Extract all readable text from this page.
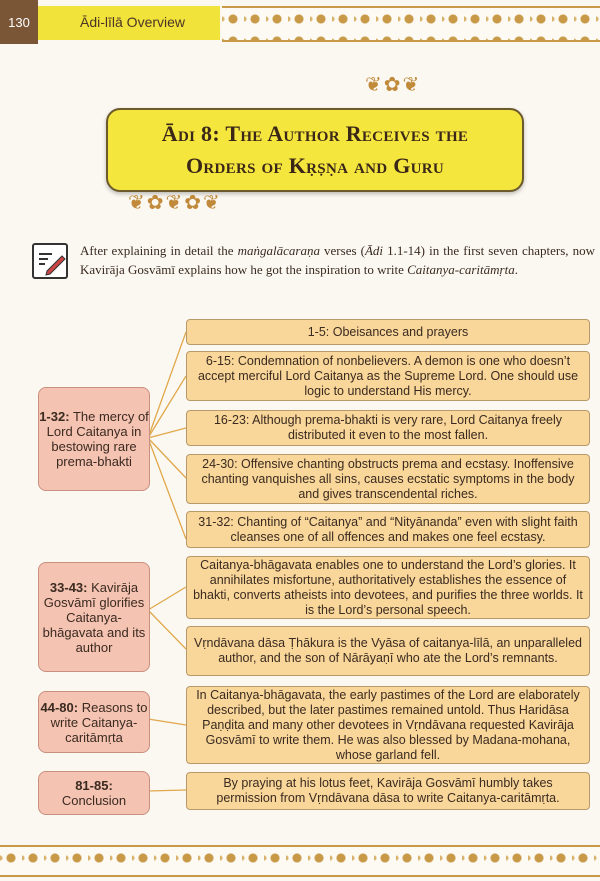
130	Ādi-līlā Overview
❦✿❦
Ādi 8: The Author Receives the
Orders of Kṛṣṇa and Guru
❦✿❦✿❦
After explaining in detail the maṅgalācaraṇa verses (Ādi 1.1-14) in the first seven chapters, now Kavirāja Gosvāmī explains how he got the inspiration to write Caitanya-caritāmṛta.
1-32: The mercy of Lord Caitanya in bestowing rare prema-bhakti
1-5: Obeisances and prayers
6-15: Condemnation of nonbelievers. A demon is one who doesn’t accept merciful Lord Caitanya as the Supreme Lord. One should use logic to understand His mercy.
16-23: Although prema-bhakti is very rare, Lord Caitanya freely distributed it even to the most fallen.
24-30: Offensive chanting obstructs prema and ecstasy. Inoffensive chanting vanquishes all sins, causes ecstatic symptoms in the body and gives transcendental riches.
31-32: Chanting of “Caitanya” and “Nityānanda” even with slight faith cleanses one of all offences and makes one feel ecstasy.
33-43: Kavirāja Gosvāmī glorifies Caitanya-bhāgavata and its author
Caitanya-bhāgavata enables one to understand the Lord’s glories. It annihilates misfortune, authoritatively establishes the essence of bhakti, converts atheists into devotees, and purifies the three worlds. It is the Lord’s personal speech.
Vṛndāvana dāsa Ṭhākura is the Vyāsa of caitanya-līlā, an unparalleled author, and the son of Nārāyaṇī who ate the Lord’s remnants.
44-80: Reasons to write Caitanya-caritāmṛta
In Caitanya-bhāgavata, the early pastimes of the Lord are elaborately described, but the later pastimes remained untold. Thus Haridāsa Paṇḍita and many other devotees in Vṛndāvana requested Kavirāja Gosvāmī to write them. He was also blessed by Madana-mohana, whose garland fell.
81-85:
Conclusion
By praying at his lotus feet, Kavirāja Gosvāmī humbly takes permission from Vṛndāvana dāsa to write Caitanya-caritāmṛta.
